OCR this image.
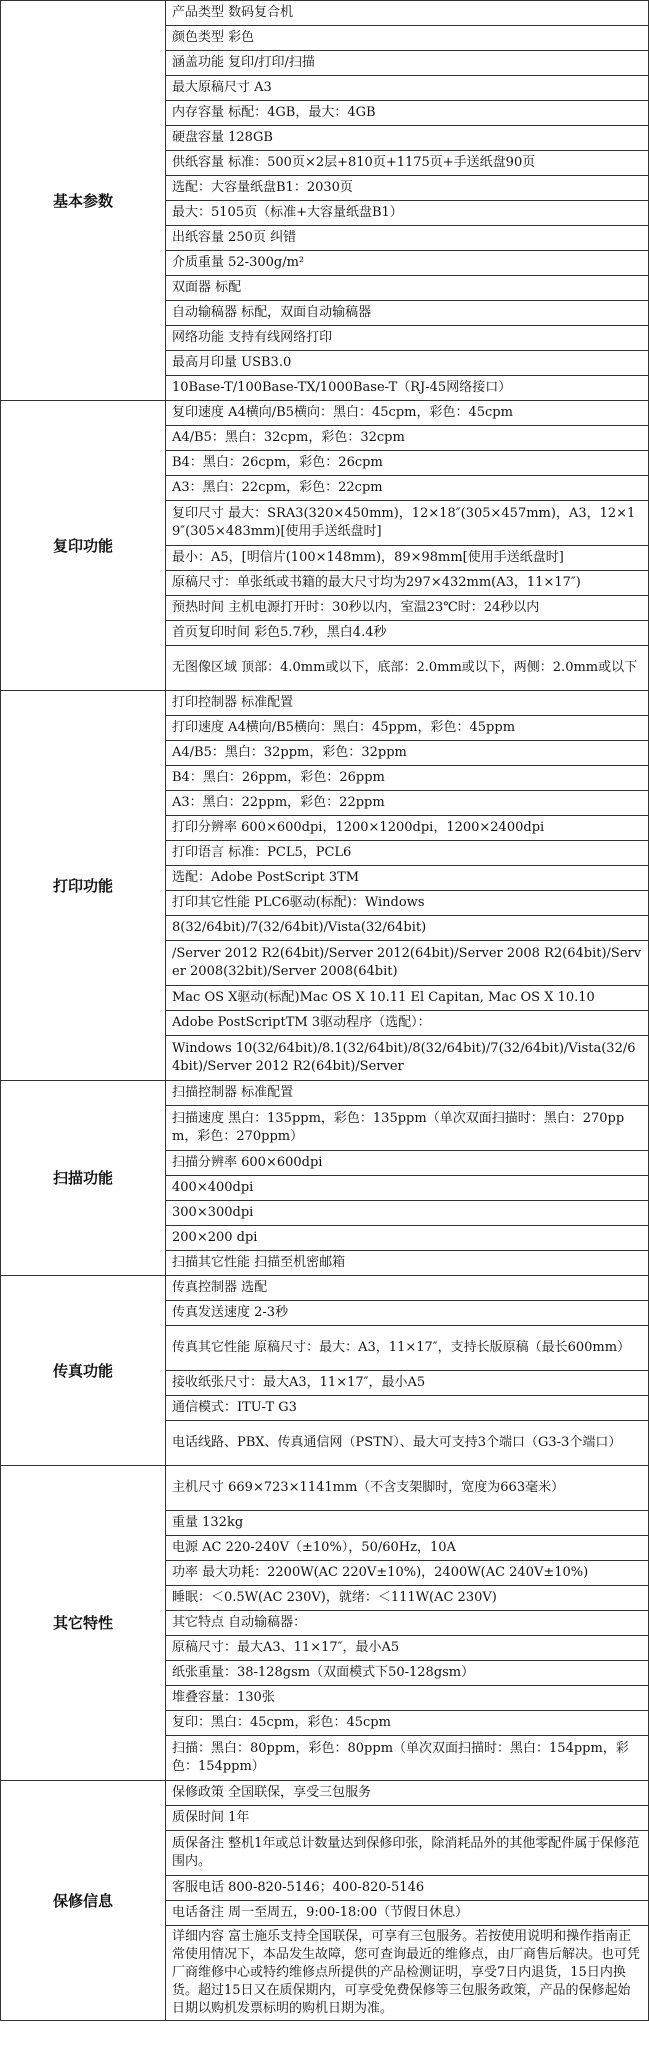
基本参数	产品类型 数码复合机
	颜色类型 彩色
	涵盖功能 复印/打印/扫描
	最大原稿尺寸 A3
	内存容量 标配：4GB，最大：4GB
	硬盘容量 128GB
	供纸容量 标准：500页×2层+810页+1175页+手送纸盘90页
	选配：大容量纸盘B1：2030页
	最大：5105页（标准+大容量纸盘B1）
	出纸容量 250页 纠错
	介质重量 52-300g/m²
	双面器 标配
	自动输稿器 标配，双面自动输稿器
	网络功能 支持有线网络打印
	最高月印量 USB3.0
	10Base-T/100Base-TX/1000Base-T（RJ-45网络接口）
复印功能	复印速度 A4横向/B5横向：黑白：45cpm，彩色：45cpm
	A4/B5：黑白：32cpm，彩色：32cpm
	B4：黑白：26cpm，彩色：26cpm
	A3：黑白：22cpm，彩色：22cpm
	复印尺寸 最大：SRA3(320×450mm)，12×18″(305×457mm)，A3，12×19″(305×483mm)[使用手送纸盘时]
	最小：A5，[明信片(100×148mm)，89×98mm[使用手送纸盘时]
	原稿尺寸：单张纸或书籍的最大尺寸均为297×432mm(A3，11×17″)
	预热时间 主机电源打开时：30秒以内，室温23℃时：24秒以内
	首页复印时间 彩色5.7秒，黑白4.4秒
	无图像区域 顶部：4.0mm或以下，底部：2.0mm或以下，两侧：2.0mm或以下
打印功能	打印控制器 标准配置
	打印速度 A4横向/B5横向：黑白：45ppm，彩色：45ppm
	A4/B5：黑白：32ppm，彩色：32ppm
	B4：黑白：26ppm，彩色：26ppm
	A3：黑白：22ppm，彩色：22ppm
	打印分辨率 600×600dpi，1200×1200dpi，1200×2400dpi
	打印语言 标准：PCL5，PCL6
	选配：Adobe PostScript 3TM
	打印其它性能 PLC6驱动(标配)：Windows
	8(32/64bit)/7(32/64bit)/Vista(32/64bit)
	/Server 2012 R2(64bit)/Server 2012(64bit)/Server 2008 R2(64bit)/Server 2008(32bit)/Server 2008(64bit)
	Mac OS X驱动(标配)Mac OS X 10.11 El Capitan, Mac OS X 10.10
	Adobe PostScriptTM 3驱动程序（选配）：
	Windows 10(32/64bit)/8.1(32/64bit)/8(32/64bit)/7(32/64bit)/Vista(32/64bit)/Server 2012 R2(64bit)/Server
扫描功能	扫描控制器 标准配置
	扫描速度 黑白：135ppm，彩色：135ppm（单次双面扫描时：黑白：270ppm，彩色：270ppm）
	扫描分辨率 600×600dpi
	400×400dpi
	300×300dpi
	200×200 dpi
	扫描其它性能 扫描至机密邮箱
传真功能	传真控制器 选配
	传真发送速度 2-3秒
	传真其它性能 原稿尺寸：最大：A3，11×17″，支持长版原稿（最长600mm）
	接收纸张尺寸：最大A3，11×17″，最小A5
	通信模式：ITU-T G3
	电话线路、PBX、传真通信网（PSTN）、最大可支持3个端口（G3-3个端口）
其它特性	主机尺寸 669×723×1141mm（不含支架脚时，宽度为663毫米）
	重量 132kg
	电源 AC 220-240V（±10%），50/60Hz，10A
	功率 最大功耗：2200W(AC 220V±10%)，2400W(AC 240V±10%)
	睡眠：＜0.5W(AC 230V)，就绪：＜111W(AC 230V)
	其它特点 自动输稿器：
	原稿尺寸：最大A3、11×17″，最小A5
	纸张重量：38-128gsm（双面模式下50-128gsm）
	堆叠容量：130张
	复印：黑白：45cpm，彩色：45cpm
	扫描：黑白：80ppm，彩色：80ppm（单次双面扫描时：黑白：154ppm，彩色：154ppm）
保修信息	保修政策 全国联保，享受三包服务
	质保时间 1年
	质保备注 整机1年或总计数量达到保修印张，除消耗品外的其他零配件属于保修范围内。
	客服电话 800-820-5146；400-820-5146
	电话备注 周一至周五，9:00-18:00（节假日休息）
	详细内容 富士施乐支持全国联保，可享有三包服务。若按使用说明和操作指南正常使用情况下，本品发生故障，您可查询最近的维修点，由厂商售后解决。也可凭厂商维修中心或特约维修点所提供的产品检测证明，享受7日内退货，15日内换货。超过15日又在质保期内，可享受免费保修等三包服务政策，产品的保修起始日期以购机发票标明的购机日期为准。
